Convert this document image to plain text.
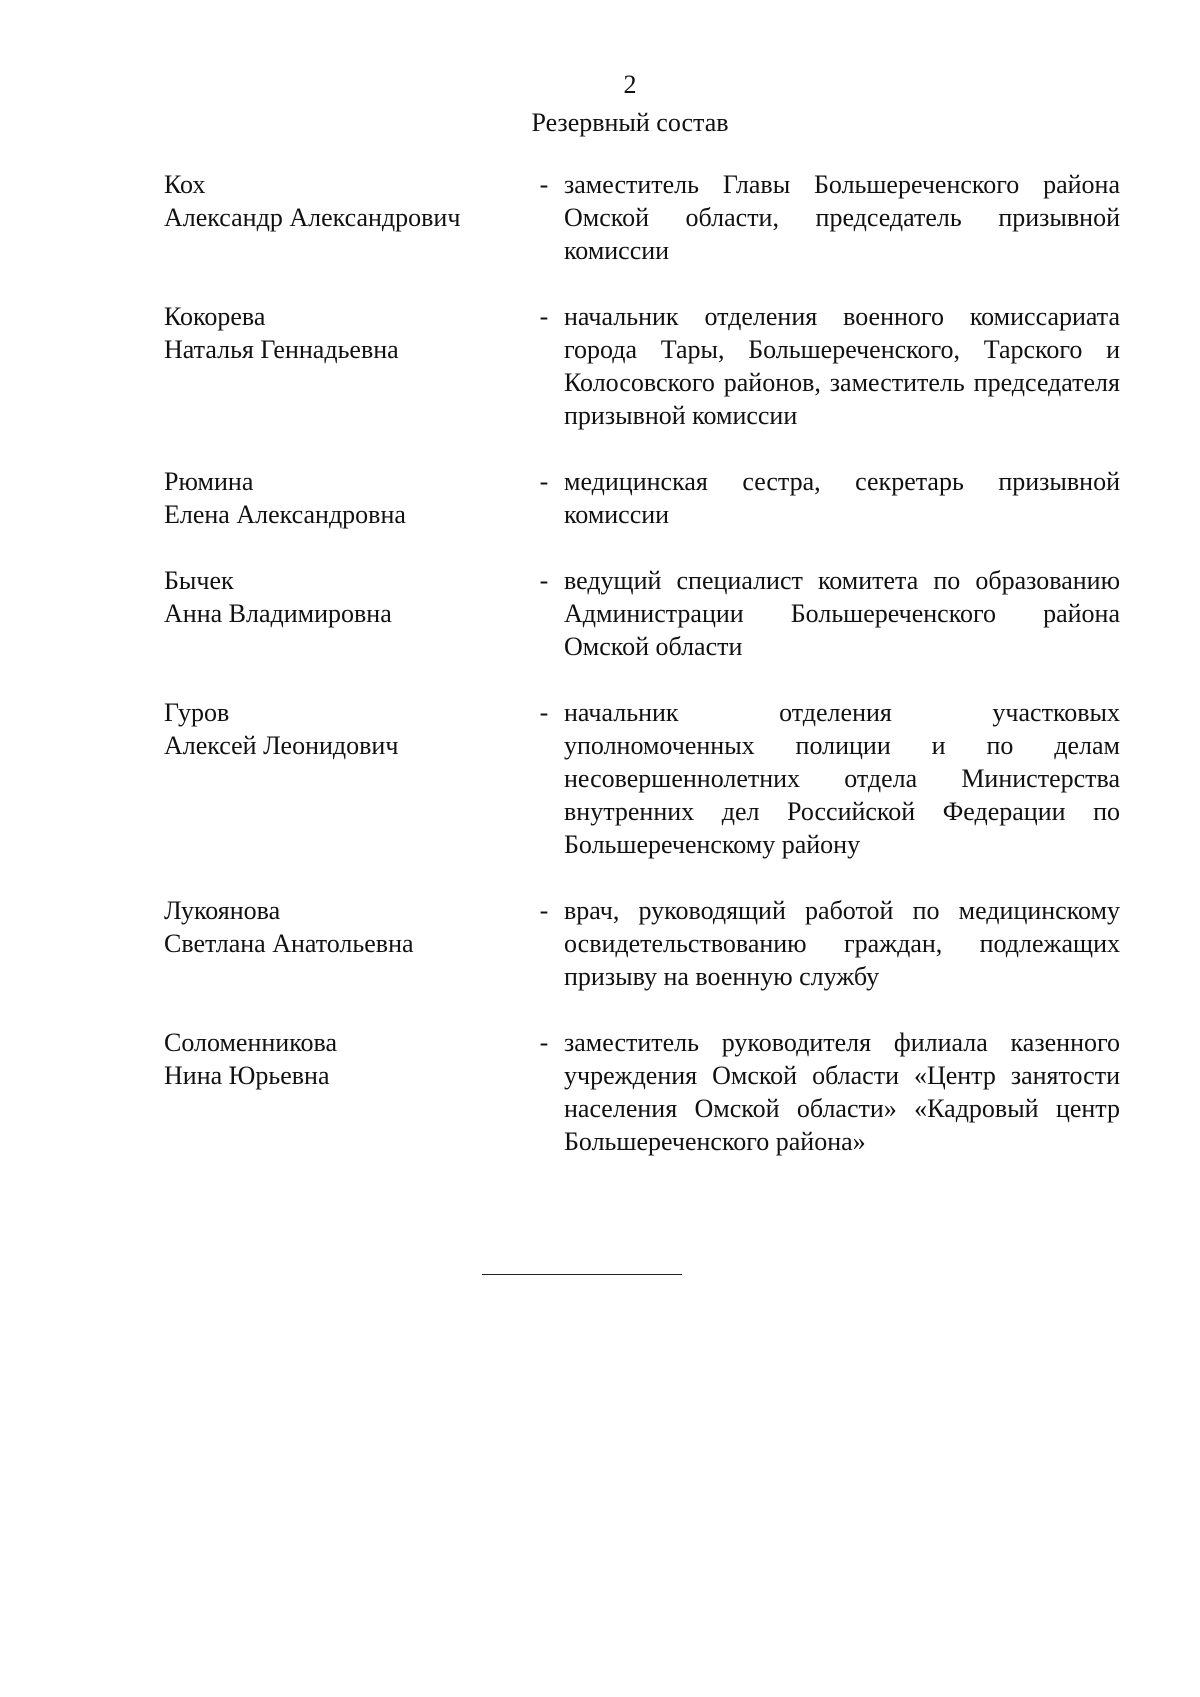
2
Резервный состав
Кох
Александр Александрович
- заместитель Главы Большереченского района Омской области, председатель призывной комиссии
Кокорева
Наталья Геннадьевна
- начальник отделения военного комиссариата города Тары, Большереченского, Тарского и Колосовского районов, заместитель председателя призывной комиссии
Рюмина
Елена Александровна
- медицинская сестра, секретарь призывной комиссии
Бычек
Анна Владимировна
- ведущий специалист комитета по образованию Администрации Большереченского района Омской области
Гуров
Алексей Леонидович
- начальник отделения участковых уполномоченных полиции и по делам несовершеннолетних отдела Министерства внутренних дел Российской Федерации по Большереченскому району
Лукоянова
Светлана Анатольевна
- врач, руководящий работой по медицинскому освидетельствованию граждан, подлежащих призыву на военную службу
Соломенникова
Нина Юрьевна
- заместитель руководителя филиала казенного учреждения Омской области «Центр занятости населения Омской области» «Кадровый центр Большереченского района»
